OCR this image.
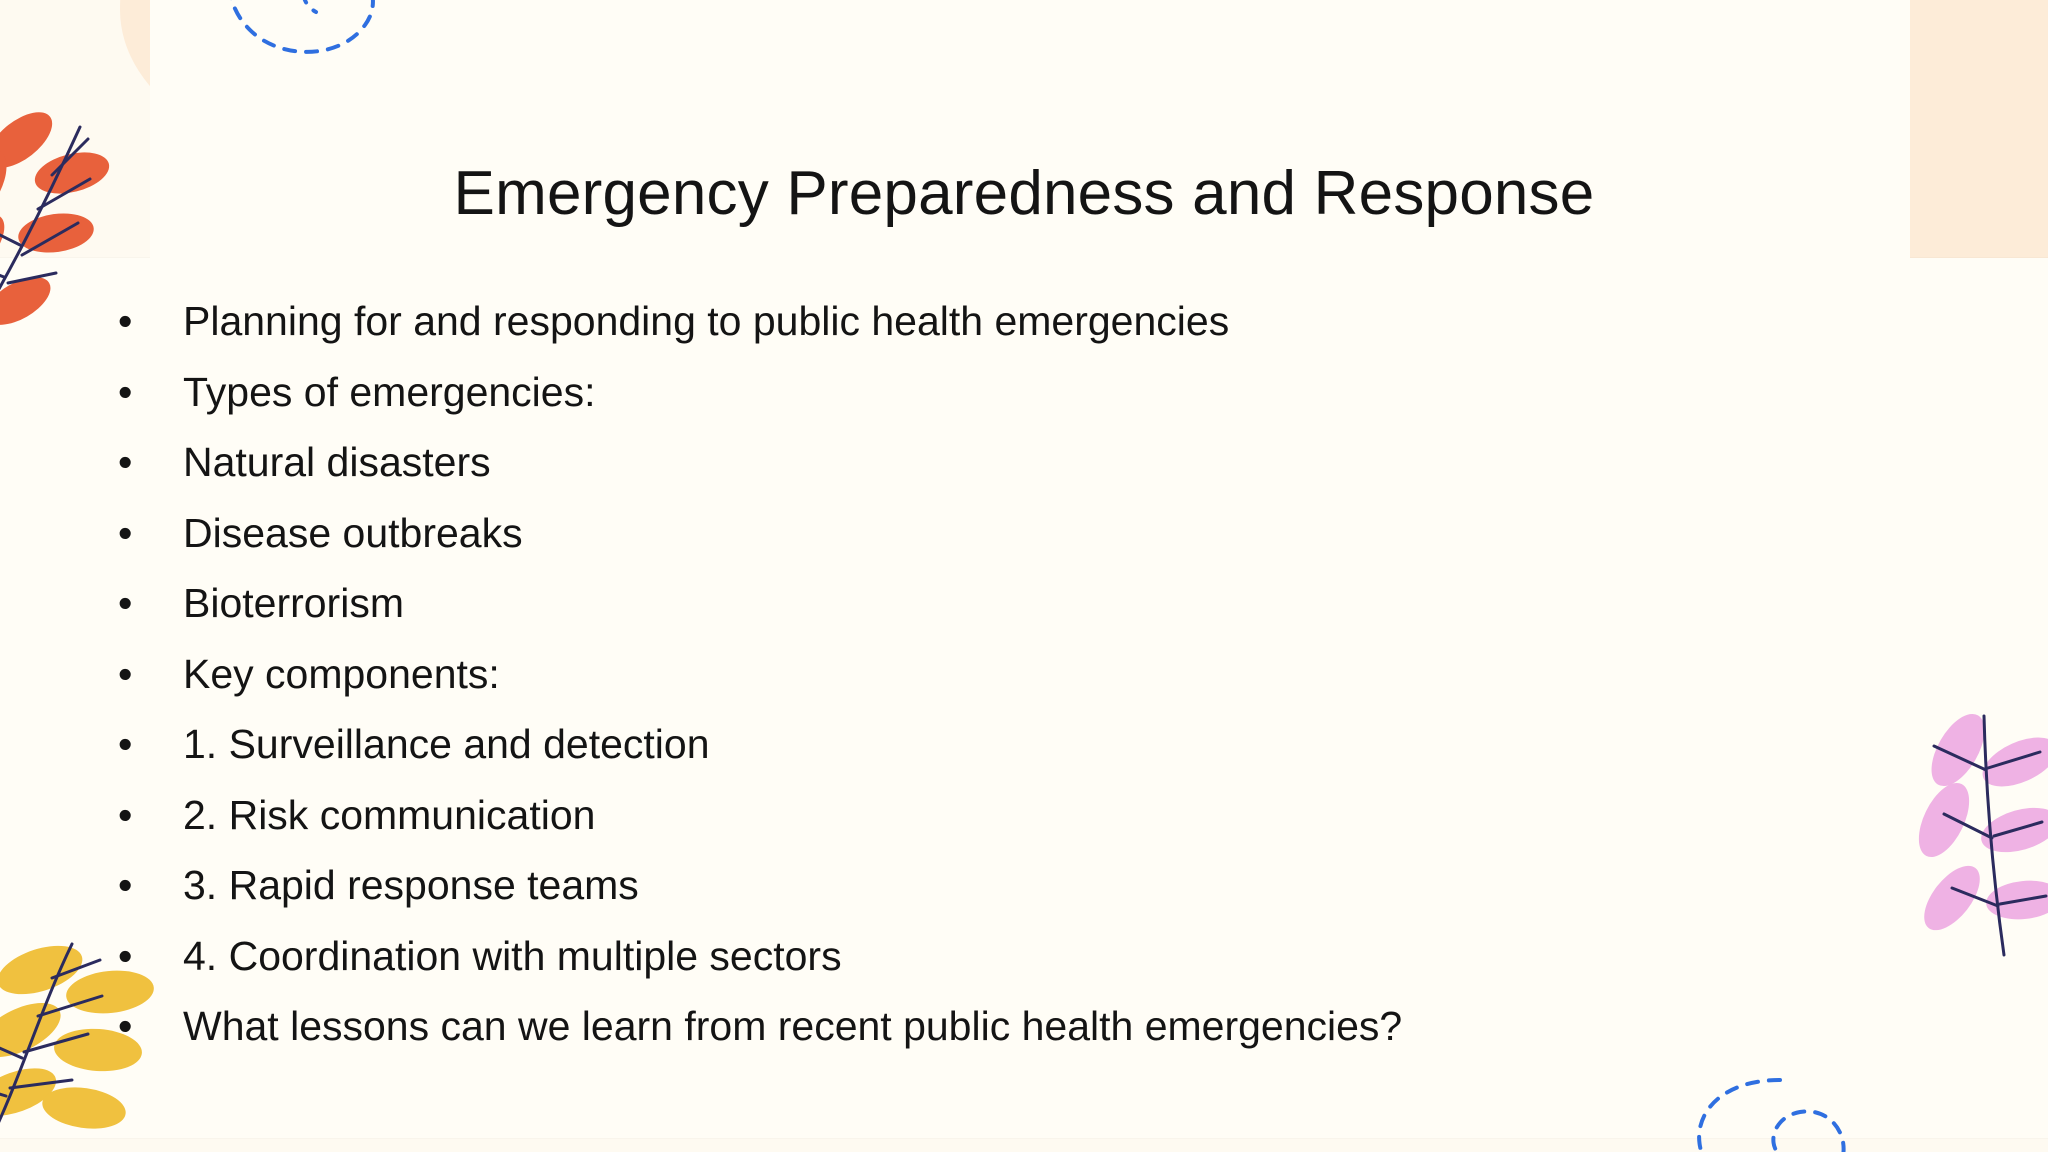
Emergency Preparedness and Response
• Planning for and responding to public health emergencies
• Types of emergencies:
• Natural disasters
• Disease outbreaks
• Bioterrorism
• Key components:
• 1. Surveillance and detection
• 2. Risk communication
• 3. Rapid response teams
• 4. Coordination with multiple sectors
• What lessons can we learn from recent public health emergencies?
